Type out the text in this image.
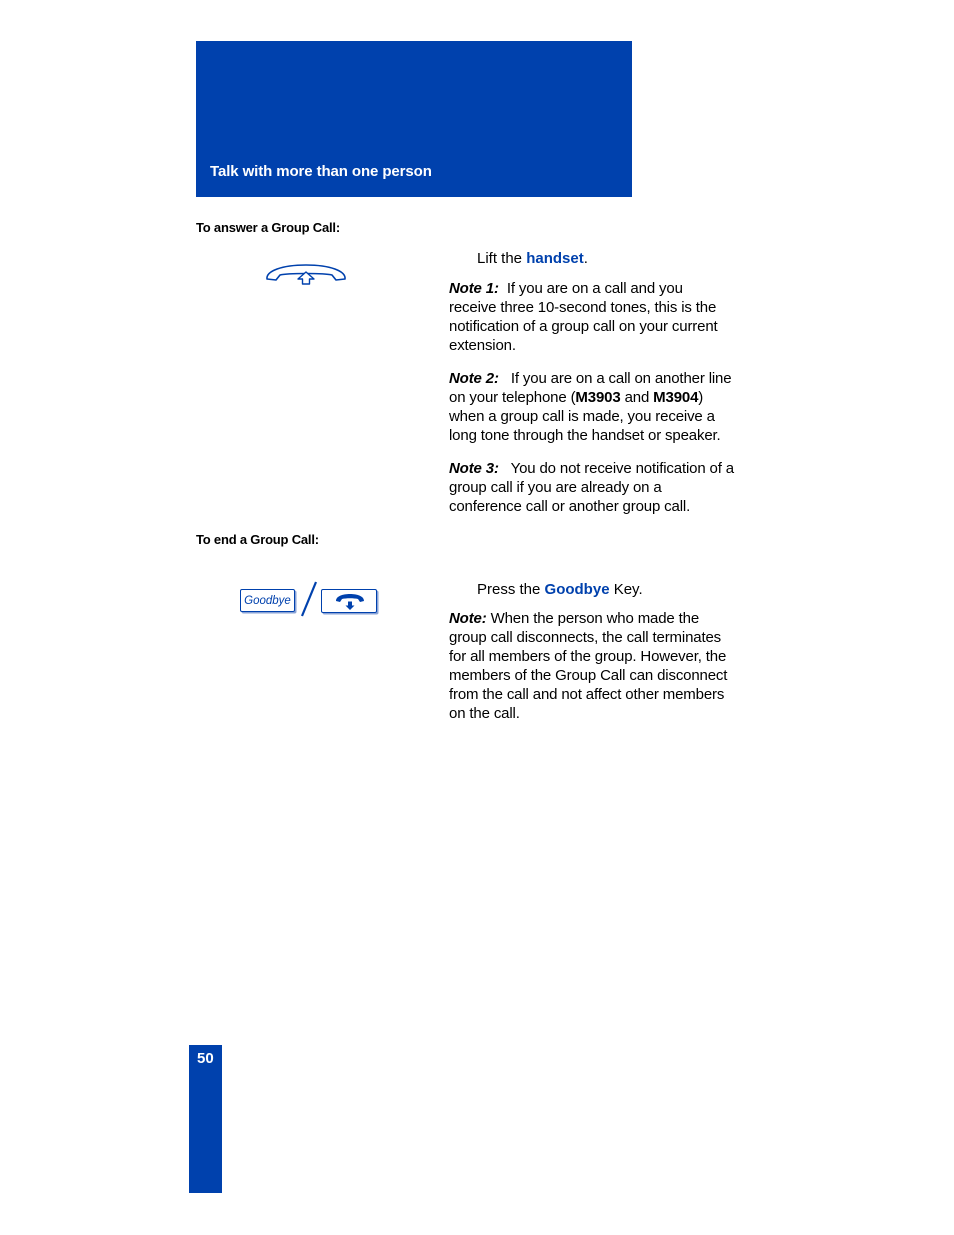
Talk with more than one person
To answer a Group Call:
Lift the handset.
Note 1: If you are on a call and you receive three 10-second tones, this is the notification of a group call on your current extension.
Note 2: If you are on a call on another line on your telephone (M3903 and M3904) when a group call is made, you receive a long tone through the handset or speaker.
Note 3: You do not receive notification of a group call if you are already on a conference call or another group call.
To end a Group Call:
Goodbye
Press the Goodbye Key.
Note: When the person who made the group call disconnects, the call terminates for all members of the group. However, the members of the Group Call can disconnect from the call and not affect other members on the call.
50
